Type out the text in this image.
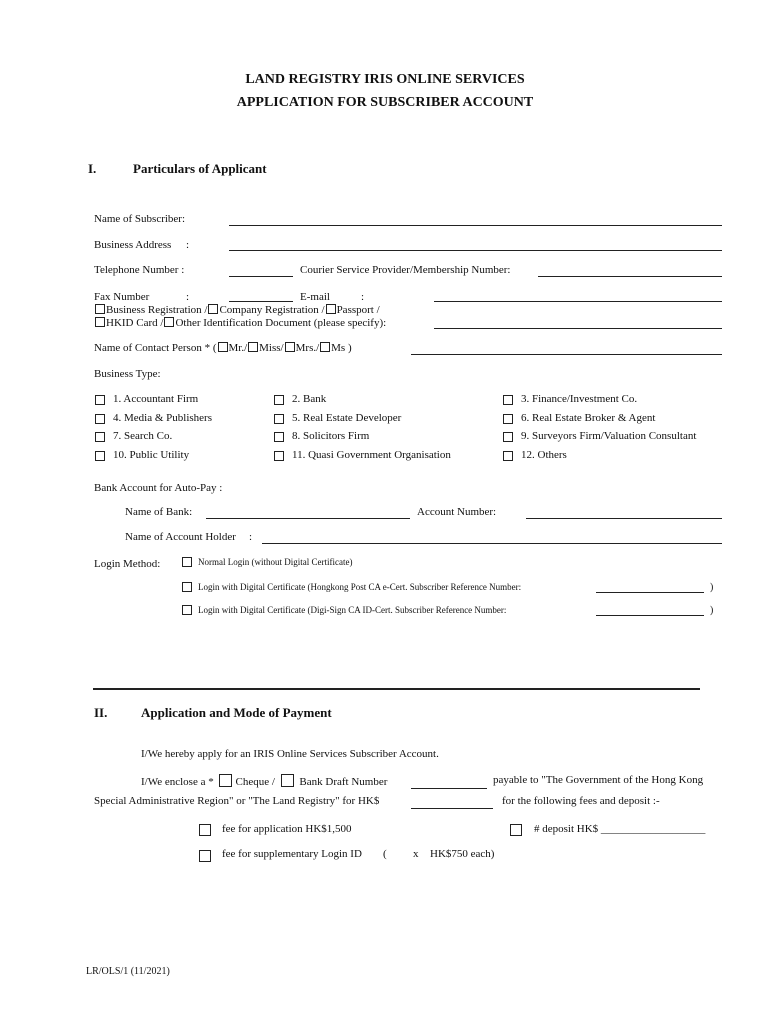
LAND REGISTRY IRIS ONLINE SERVICES
APPLICATION FOR SUBSCRIBER ACCOUNT
I.	Particulars of Applicant
Name of Subscriber:
Business Address :
Telephone Number :	Courier Service Provider/Membership Number:
Fax Number	:	E-mail	:
Business Registration / Company Registration / Passport /
HKID Card / Other Identification Document (please specify):
Name of Contact Person * ( Mr./ Miss/ Mrs./ Ms )
Business Type:
1. Accountant Firm	2. Bank	3. Finance/Investment Co.
4. Media & Publishers	5. Real Estate Developer	6. Real Estate Broker & Agent
7. Search Co.	8. Solicitors Firm	9. Surveyors Firm/Valuation Consultant
10. Public Utility	11. Quasi Government Organisation	12. Others
Bank Account for Auto-Pay :
Name of Bank:	Account Number:
Name of Account Holder :
Login Method:	Normal Login (without Digital Certificate)
Login with Digital Certificate (Hongkong Post CA e-Cert. Subscriber Reference Number:	)
Login with Digital Certificate (Digi-Sign CA ID-Cert. Subscriber Reference Number:	)
II.	Application and Mode of Payment
I/We hereby apply for an IRIS Online Services Subscriber Account.
I/We enclose a * Cheque / Bank Draft Number	payable to "The Government of the Hong Kong
Special Administrative Region" or "The Land Registry" for HK$	for the following fees and deposit :-
fee for application HK$1,500	# deposit HK$ ___________________
fee for supplementary Login ID ( x HK$750 each)
LR/OLS/1 (11/2021)
